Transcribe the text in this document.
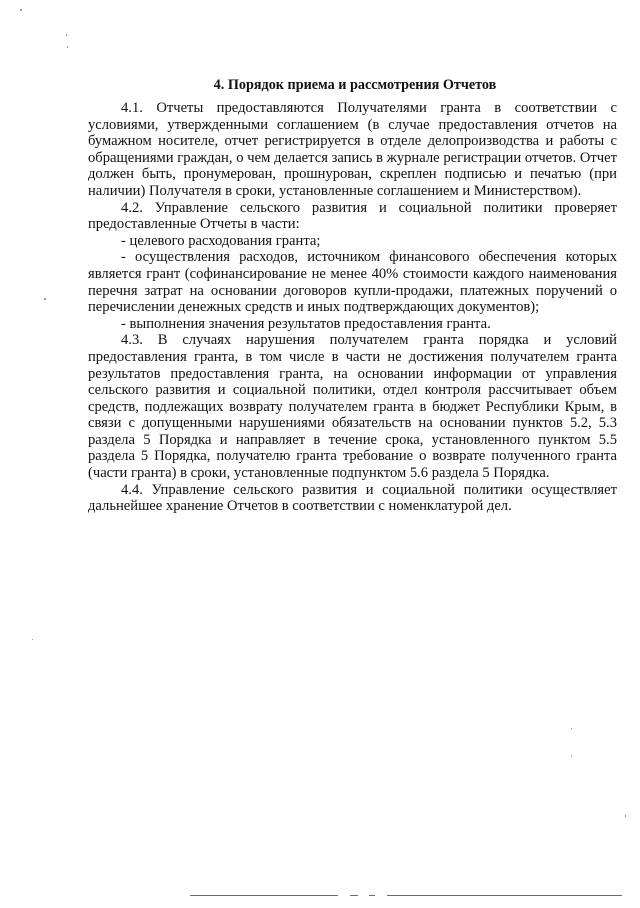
4. Порядок приема и рассмотрения Отчетов

4.1. Отчеты предоставляются Получателями гранта в соответствии с условиями, утвержденными соглашением (в случае предоставления отчетов на бумажном носителе, отчет регистрируется в отделе делопроизводства и работы с обращениями граждан, о чем делается запись в журнале регистрации отчетов. Отчет должен быть, пронумерован, прошнурован, скреплен подписью и печатью (при наличии) Получателя в сроки, установленные соглашением и Министерством).

4.2. Управление сельского развития и социальной политики проверяет предоставленные Отчеты в части:

- целевого расходования гранта;

- осуществления расходов, источником финансового обеспечения которых является грант (софинансирование не менее 40% стоимости каждого наименования перечня затрат на основании договоров купли-продажи, платежных поручений о перечислении денежных средств и иных подтверждающих документов);

- выполнения значения результатов предоставления гранта.

4.3. В случаях нарушения получателем гранта порядка и условий предоставления гранта, в том числе в части не достижения получателем гранта результатов предоставления гранта, на основании информации от управления сельского развития и социальной политики, отдел контроля рассчитывает объем средств, подлежащих возврату получателем гранта в бюджет Республики Крым, в связи с допущенными нарушениями обязательств на основании пунктов 5.2, 5.3 раздела 5 Порядка и направляет в течение срока, установленного пунктом 5.5 раздела 5 Порядка, получателю гранта требование о возврате полученного гранта (части гранта) в сроки, установленные подпунктом 5.6 раздела 5 Порядка.

4.4. Управление сельского развития и социальной политики осуществляет дальнейшее хранение Отчетов в соответствии с номенклатурой дел.
